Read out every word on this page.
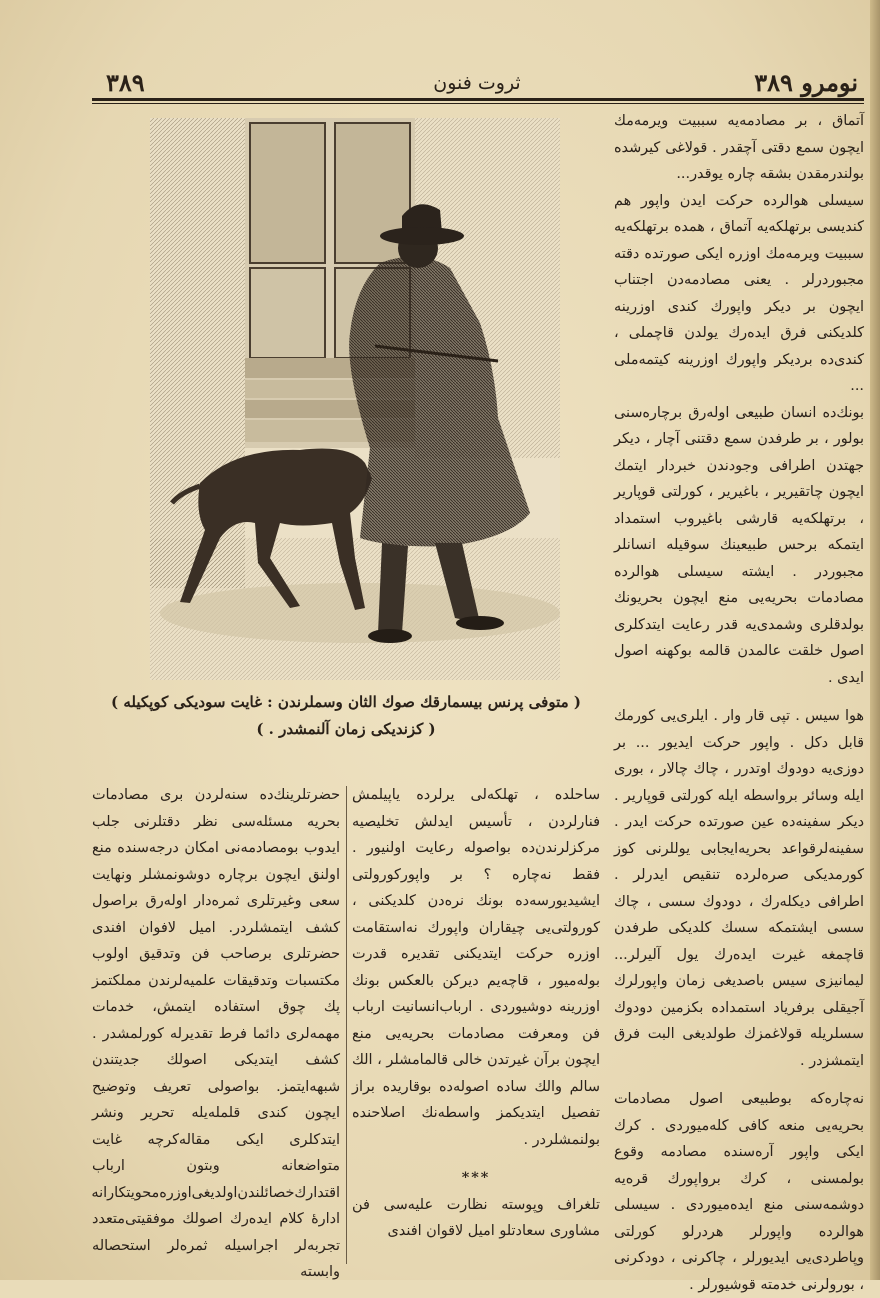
٣٨٩	ثروت فنون	نومرو ٣٨٩

آتماق ، بر مصادمه‌يه سببيت ويرمه‌مك ايچون سمع دقتی آچقدر . قولاغی كيرشده بولندرمقدن بشقه چاره يوقدر...

سيسلی هوالرده حركت ايدن واپور هم كنديسی برتهلكه‌يه آتماق ، همده برتهلكه‌يه سببيت ويرمه‌مك اوزره ايكی صورتده دقته مجبوردرلر . يعنی مصادمه‌دن اجتناب ايچون بر ديكر واپورك كندی اوزرينه كلديكنی فرق ايده‌رك يولدن قاچملی ، كندی‌ده برديكر واپورك اوزرينه كيتمه‌ملی ...

بونك‌ده انسان طبيعی اوله‌رق برچاره‌سنی بولور ، بر طرفدن سمع دقتنی آچار ، ديكر جهتدن اطرافی وجودندن خبردار ايتمك ايچون چاتقيرير ، باغيرير ، كورلتی قوپارير ، برتهلكه‌يه قارشی باغيروب استمداد ايتمكه برحس طبيعينك سوقيله انسانلر مجبوردر . ايشته سيسلی هوالرده مصادمات بحريه‌يی منع ايچون بحريونك بولدقلری وشمدی‌يه قدر رعايت ايتدكلری اصول خلقت عالمدن قالمه بوكهنه اصول ايدی .

هوا سيس . تپی قار وار . ايلری‌يی كورمك قابل دكل . واپور حركت ايديور ... بر دوزی‌يه دودوك اوتدرر ، چاك چالار ، بوری ايله وسائر برواسطه ايله كورلتی قوپارير . ديكر سفينه‌ده عين صورتده حركت ايدر . سفينه‌لرقواعد بحريه‌ايجابی يوللرنی كوز كورمدیكی صره‌لرده تنقيص ايدرلر . اطرافی ديكله‌رك ، دودوك سسی ، چاك سسی ايشتمكه سسك كلديكی طرفدن قاچمغه غيرت ايده‌رك يول آليرلر... ليمانيزی سيس باصديغی زمان واپورلرك آجيقلی برفرياد استمداده بكزمين دودوك سسلريله قولاغمزك طولديغی البت فرق ايتمشزدر .

نه‌چاره‌كه بوطبيعی اصول مصادمات بحريه‌يی منعه كافی كله‌ميوردی . كرك ايكی واپور آره‌سنده مصادمه وقوع بولمسنی ، كرك برواپورك قره‌يه دوشمه‌سنی منع ايده‌ميوردی . سيسلی هوالرده واپورلر هردرلو كورلتی وپاطردی‌يی ايديورلر ، چاكرنی ، دودكرنی ، بورولرنی خدمته قوشيورلر .

( متوفی پرنس بيسمارقك صوك الثان وسملرندن : غايت سوديكی كوپكيله )
( كزنديكی زمان آلنمشدر . )

ساحلده ، تهلكه‌لی يرلرده ياپيلمش فنارلردن ، تأسيس ايدلش تخليصيه مركزلرندن‌ده بواصوله رعايت اولنيور . فقط نه‌چاره ؟ بر واپوركورولتی ايشيديورسه‌ده بونك نره‌دن كلديكنی ، كورولتی‌يی چيقاران واپورك نه‌استقامت اوزره حركت ايتديكنی تقديره قدرت بوله‌ميور ، قاچه‌يم ديركن بالعكس بونك اوزرينه دوشيوردی . ارباب‌انسانيت ارباب فن ومعرفت مصادمات بحريه‌يی منع ايچون برآن غيرتدن خالی قالمامشلر ، الك سالم والك ساده اصوله‌ده بوقاريده براز تفصيل ايتديكمز واسطه‌نك اصلاحنده بولنمشلردر .

***

تلغراف وپوسته نظارت عليه‌سی فن مشاوری سعادتلو اميل لاقوان افندی

حضرتلرينك‌ده سنه‌لردن بری مصادمات بحريه مسئله‌سی نظر دقتلرنی جلب ايدوب بومصادمه‌نی امكان درجه‌سنده منع اولنق ايچون برچاره دوشونمشلر ونهايت سعی وغيرتلری ثمره‌دار اوله‌رق براصول كشف ايتمشلردر. اميل لافوان افندی حضرتلری برصاحب فن وتدقيق اولوب مكتسبات وتدقيقات علميه‌لرندن مملكتمز پك چوق استفاده ايتمش، خدمات مهمه‌لری دائما فرط تقديرله كورلمشدر . كشف ايتديكی اصولك جديتندن شبهه‌ايتمز. بواصولی تعريف وتوضيح ايچون كندی قلمله‌يله تحرير ونشر ايتدكلری ايكی مقاله‌كرچه غايت متواضعانه وبتون ارباب اقتدارك‌خصائلندن‌اولديغی‌اوزره‌محويتكارانه ادارهٔ كلام ايده‌رك اصولك موفقيتی‌متعدد تجربه‌لر اجراسيله ثمره‌لر استحصاله وابسته
